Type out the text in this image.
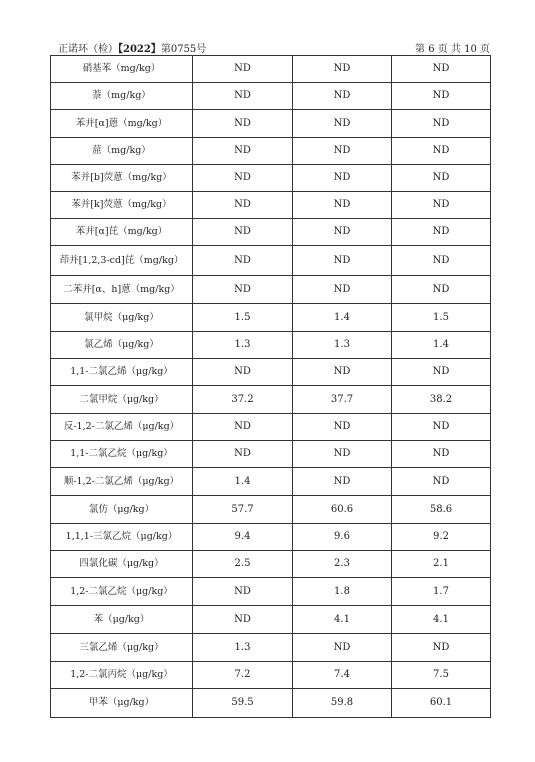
正诺环（检）【2022】第0755号	第 6 页 共 10 页
硝基苯（mg/kg）	ND	ND	ND
萘（mg/kg）	ND	ND	ND
苯并[α]蒽（mg/kg）	ND	ND	ND
䓛（mg/kg）	ND	ND	ND
苯并[b]荧蒽（mg/kg）	ND	ND	ND
苯并[k]荧蒽（mg/kg）	ND	ND	ND
苯并[α]芘（mg/kg）	ND	ND	ND
茚并[1,2,3-cd]芘（mg/kg）	ND	ND	ND
二苯并[α、h]蒽（mg/kg）	ND	ND	ND
氯甲烷（μg/kg）	1.5	1.4	1.5
氯乙烯（μg/kg）	1.3	1.3	1.4
1,1-二氯乙烯（μg/kg）	ND	ND	ND
二氯甲烷（μg/kg）	37.2	37.7	38.2
反-1,2-二氯乙烯（μg/kg）	ND	ND	ND
1,1-二氯乙烷（μg/kg）	ND	ND	ND
顺-1,2-二氯乙烯（μg/kg）	1.4	ND	ND
氯仿（μg/kg）	57.7	60.6	58.6
1,1,1-三氯乙烷（μg/kg）	9.4	9.6	9.2
四氯化碳（μg/kg）	2.5	2.3	2.1
1,2-二氯乙烷（μg/kg）	ND	1.8	1.7
苯（μg/kg）	ND	4.1	4.1
三氯乙烯（μg/kg）	1.3	ND	ND
1,2-二氯丙烷（μg/kg）	7.2	7.4	7.5
甲苯（μg/kg）	59.5	59.8	60.1
